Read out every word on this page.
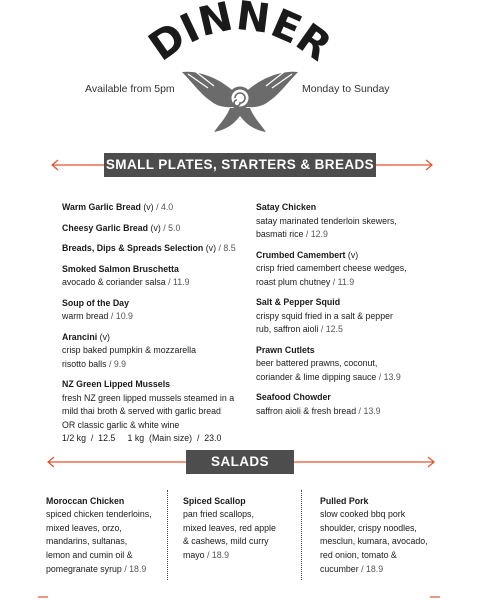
DINNER
Available from 5pm	Monday to Sunday
SMALL PLATES, STARTERS & BREADS
SALADS
Warm Garlic Bread (v) / 4.0
Cheesy Garlic Bread (v) / 5.0
Breads, Dips & Spreads Selection (v) / 8.5
Smoked Salmon Bruschetta
avocado & coriander salsa / 11.9
Soup of the Day
warm bread / 10.9
Arancini (v)
crisp baked pumpkin & mozzarella
risotto balls / 9.9
NZ Green Lipped Mussels
fresh NZ green lipped mussels steamed in a
mild thai broth & served with garlic bread
OR classic garlic & white wine
1/2 kg  /  12.5     1 kg  (Main size)  /  23.0
Satay Chicken
satay marinated tenderloin skewers,
basmati rice / 12.9
Crumbed Camembert (v)
crisp fried camembert cheese wedges,
roast plum chutney / 11.9
Salt & Pepper Squid
crispy squid fried in a salt & pepper
rub, saffron aioli / 12.5
Prawn Cutlets
beer battered prawns, coconut,
coriander & lime dipping sauce / 13.9
Seafood Chowder
saffron aioli & fresh bread / 13.9
Moroccan Chicken
spiced chicken tenderloins,
mixed leaves, orzo,
mandarins, sultanas,
lemon and cumin oil &
pomegranate syrup / 18.9
Spiced Scallop
pan fried scallops,
mixed leaves, red apple
& cashews, mild curry
mayo / 18.9
Pulled Pork
slow cooked bbq pork
shoulder, crispy noodles,
mesclun, kumara, avocado,
red onion, tomato &
cucumber / 18.9
